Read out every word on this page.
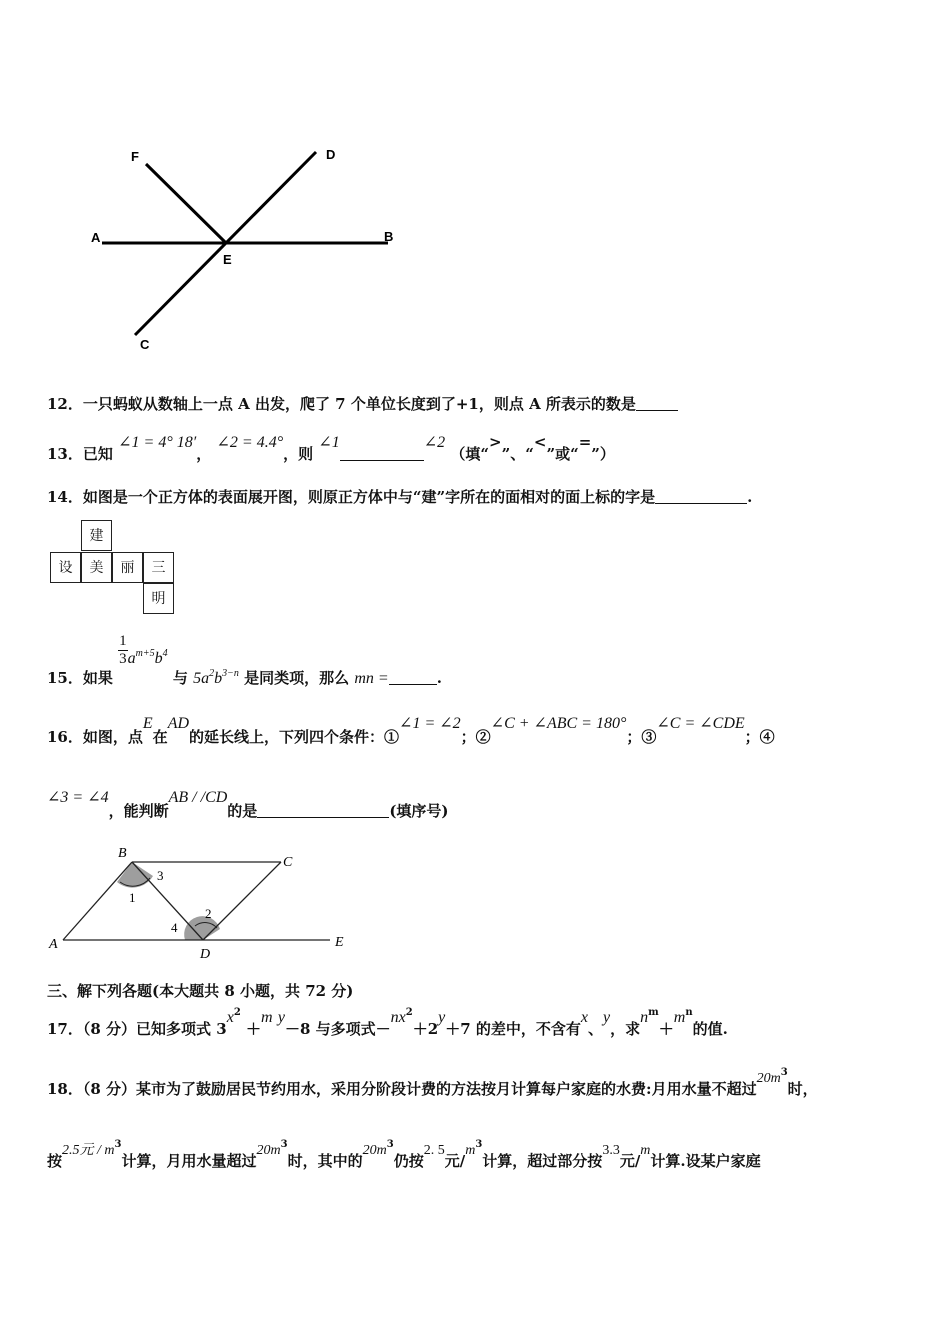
F	D
A	B
E
C
12．一只蚂蚁从数轴上一点 A 出发，爬了 7 个单位长度到了+1，则点 A 所表示的数是
13．已知 ∠1 = 4° 18′， ∠2 = 4.4°，则 ∠1	∠2 （填“>”、“<”或“=”）
14．如图是一个正方体的表面展开图，则原正方体中与“建”字所在的面相对的面上标的字是	.
建
设	美	丽	三
明
15．如果
$\frac{1}{3} a^{m+5}b^4$ 与 $5a^2b^{3-n}$ 是同类项，那么 mn =	.
16．如图，点E在AD的延长线上，下列四个条件：①∠1 = ∠2；②∠C + ∠ABC = 180°；③∠C = ∠CDE；④
∠3 = ∠4，能判断AB / /CD的是	(填序号)
B
C
3
1
2
4
A
D
E
三、解下列各题(本大题共 8 小题，共 72 分)
17．（8 分）已知多项式 $3x^2 +m$ y－8 与多项式$-nx^2+2y+7$ 的差中，不含有x、y，求$n^m+m^n$的值.
18．（8 分）某市为了鼓励居民节约用水，采用分阶段计费的方法按月计算每户家庭的水费:月用水量不超过$20m^3$时，
按2.5元 / $m^3$计算，月用水量超过$20m^3$时，其中的$20m^3$仍按2. 5元$/m^3$计算，超过部分按3.3元/m计算.设某户家庭
